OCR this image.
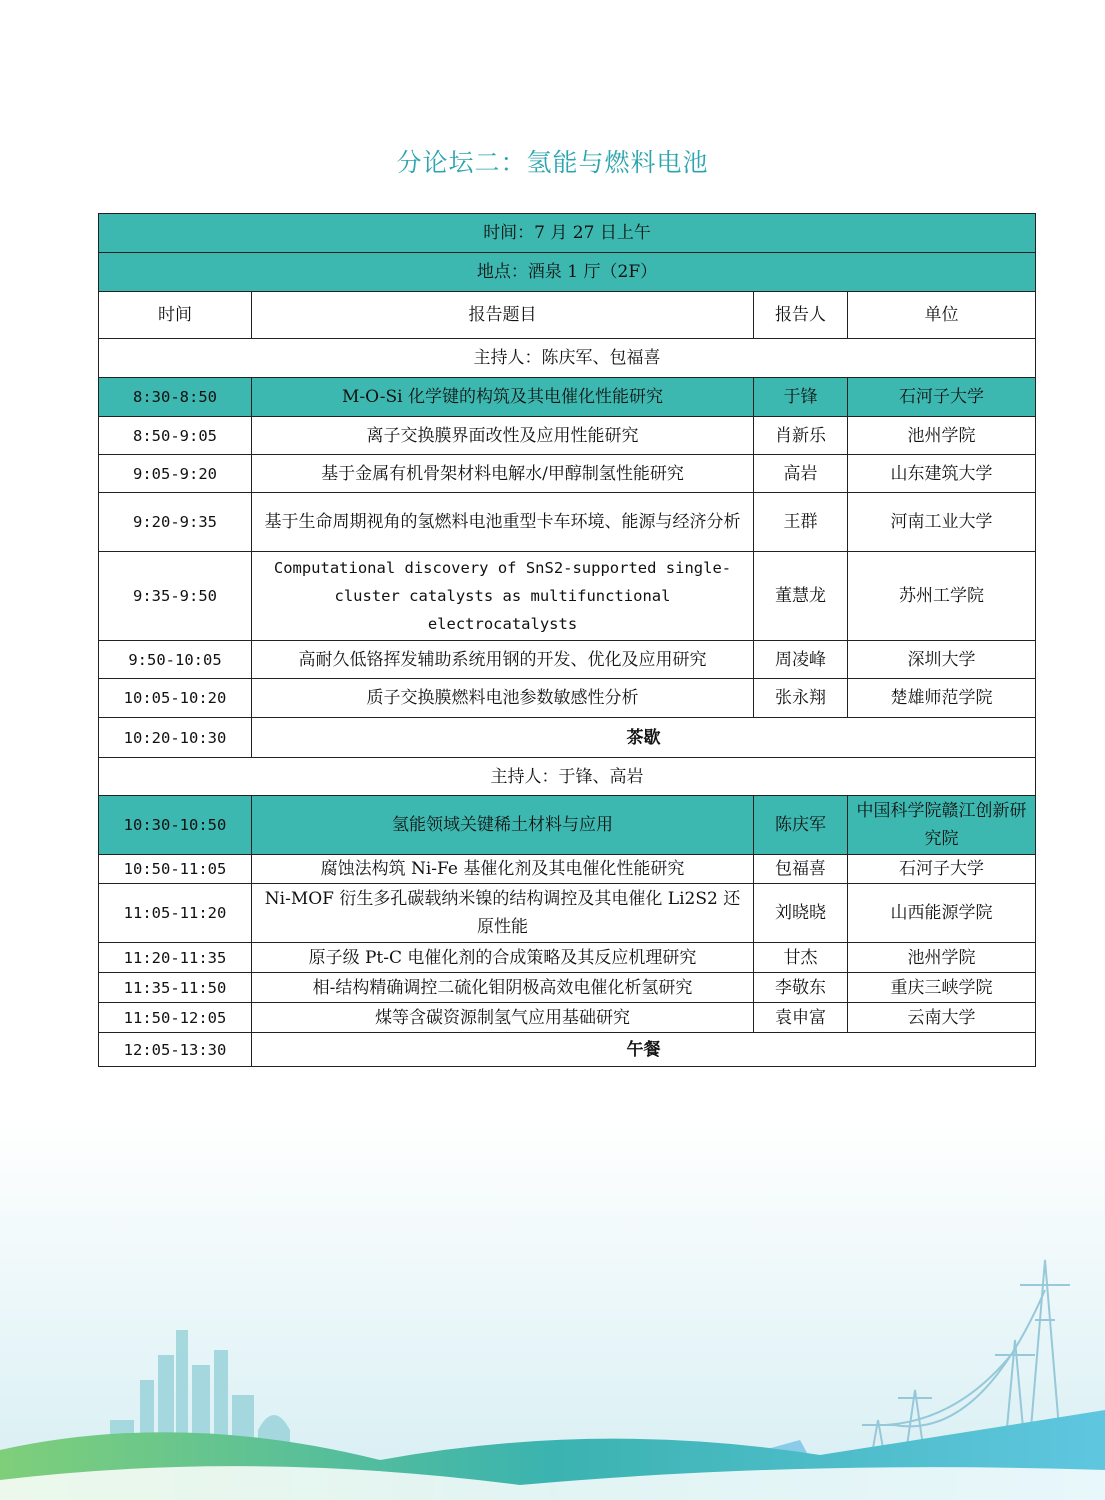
分论坛二：氢能与燃料电池
时间：7 月 27 日上午			
地点：酒泉 1 厅（2F）			
时间	报告题目	报告人	单位
主持人：陈庆军、包福喜			
8:30-8:50	M-O-Si 化学键的构筑及其电催化性能研究	于锋	石河子大学
8:50-9:05	离子交换膜界面改性及应用性能研究	肖新乐	池州学院
9:05-9:20	基于金属有机骨架材料电解水/甲醇制氢性能研究	高岩	山东建筑大学
9:20-9:35	基于生命周期视角的氢燃料电池重型卡车环境、能源与经济分析	王群	河南工业大学
9:35-9:50	Computational discovery of SnS2-supported single-cluster catalysts as multifunctional electrocatalysts	董慧龙	苏州工学院
9:50-10:05	高耐久低铬挥发辅助系统用钢的开发、优化及应用研究	周凌峰	深圳大学
10:05-10:20	质子交换膜燃料电池参数敏感性分析	张永翔	楚雄师范学院
10:20-10:30	茶歇		
主持人：于锋、高岩			
10:30-10:50	氢能领域关键稀土材料与应用	陈庆军	中国科学院赣江创新研究院
10:50-11:05	腐蚀法构筑 Ni-Fe 基催化剂及其电催化性能研究	包福喜	石河子大学
11:05-11:20	Ni-MOF 衍生多孔碳载纳米镍的结构调控及其电催化 Li2S2 还原性能	刘晓晓	山西能源学院
11:20-11:35	原子级 Pt-C 电催化剂的合成策略及其反应机理研究	甘杰	池州学院
11:35-11:50	相-结构精确调控二硫化钼阴极高效电催化析氢研究	李敬东	重庆三峡学院
11:50-12:05	煤等含碳资源制氢气应用基础研究	袁申富	云南大学
12:05-13:30	午餐		
